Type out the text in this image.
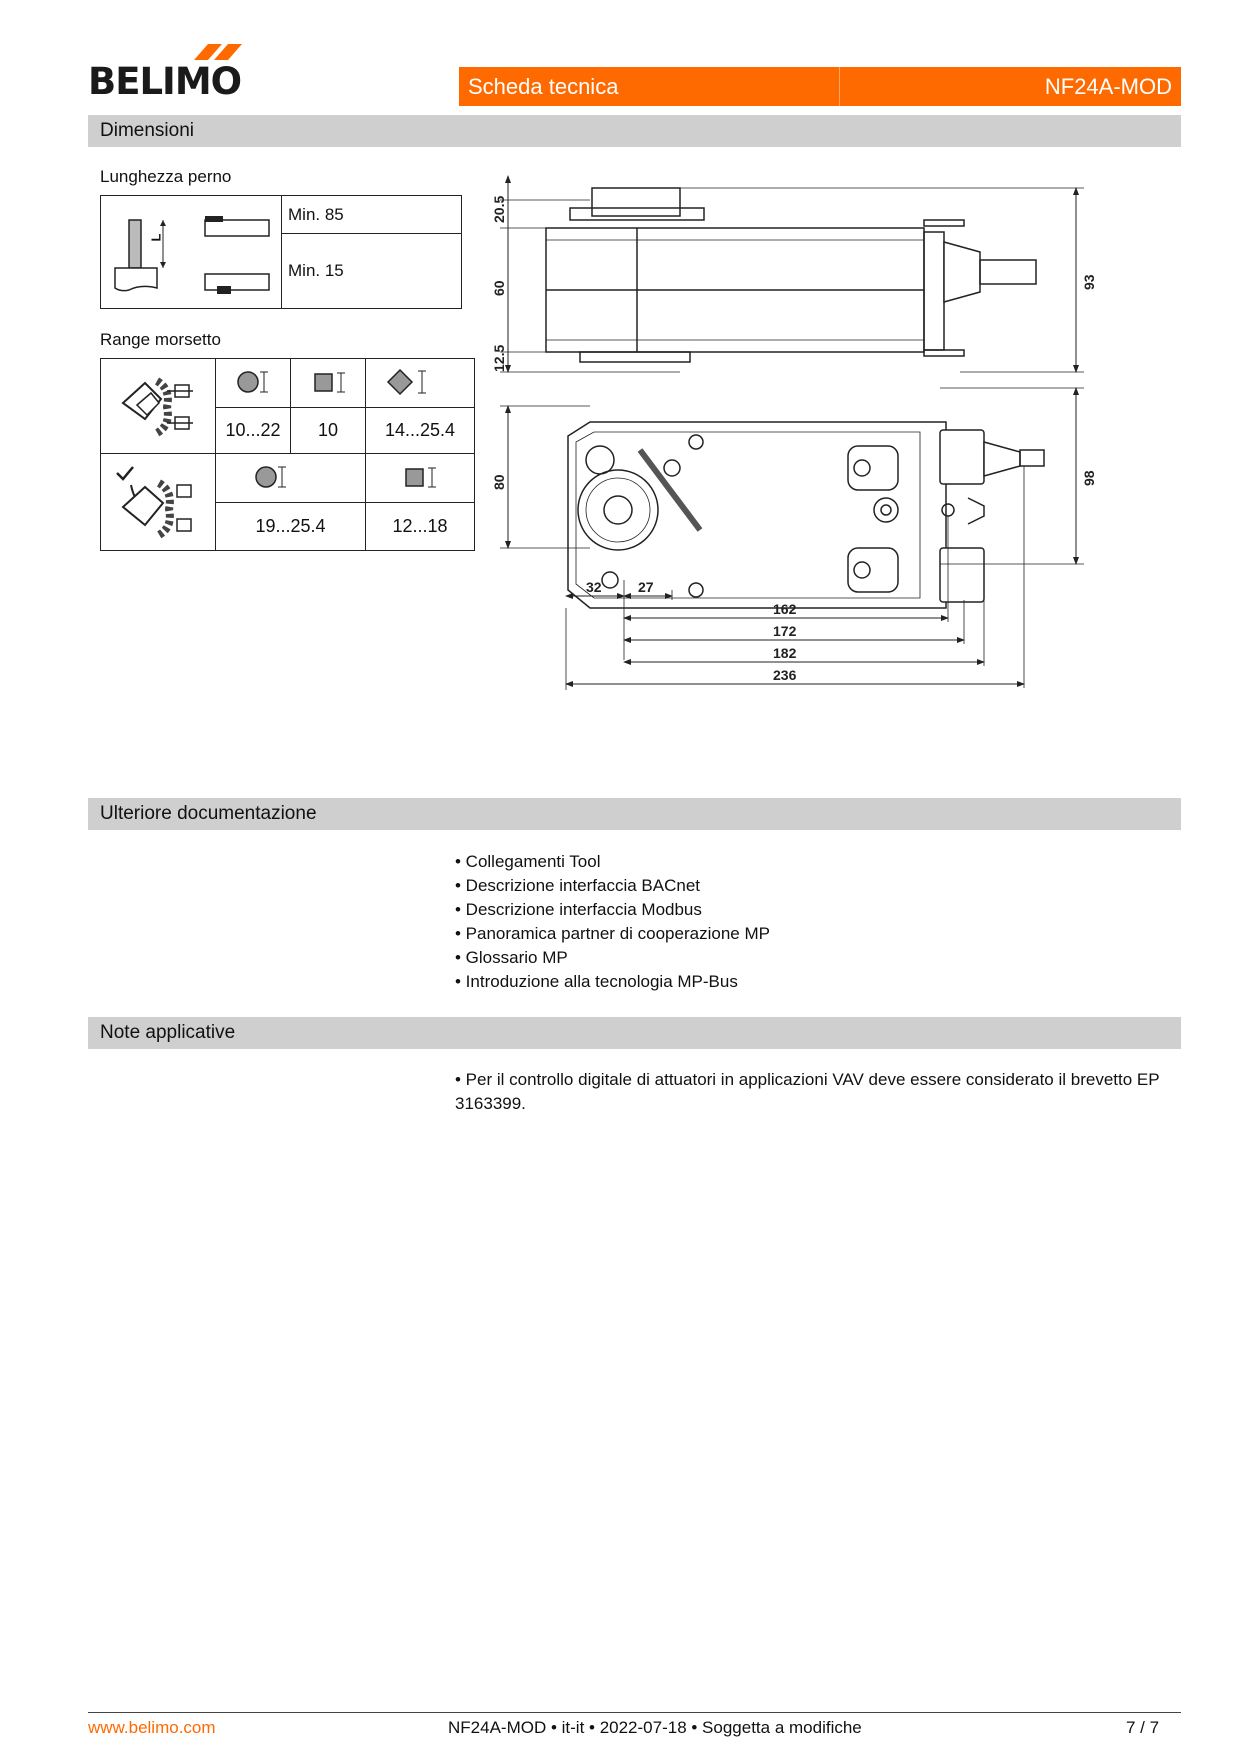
BELIMO	Scheda tecnica	NF24A-MOD
Dimensioni
Lunghezza perno
L
	Min. 85
Min. 15
Range morsetto

	10...22	10	14...25.4

	19...25.4		12...18
20.5
60
12.5
93
80	98
32	27
162
172
182
236
Ulteriore documentazione
• Collegamenti Tool
• Descrizione interfaccia BACnet
• Descrizione interfaccia Modbus
• Panoramica partner di cooperazione MP
• Glossario MP
• Introduzione alla tecnologia MP-Bus
Note applicative
• Per il controllo digitale di attuatori in applicazioni VAV deve essere considerato il brevetto EP 3163399.
www.belimo.com	NF24A-MOD • it-it • 2022-07-18 • Soggetta a modifiche	7 / 7
